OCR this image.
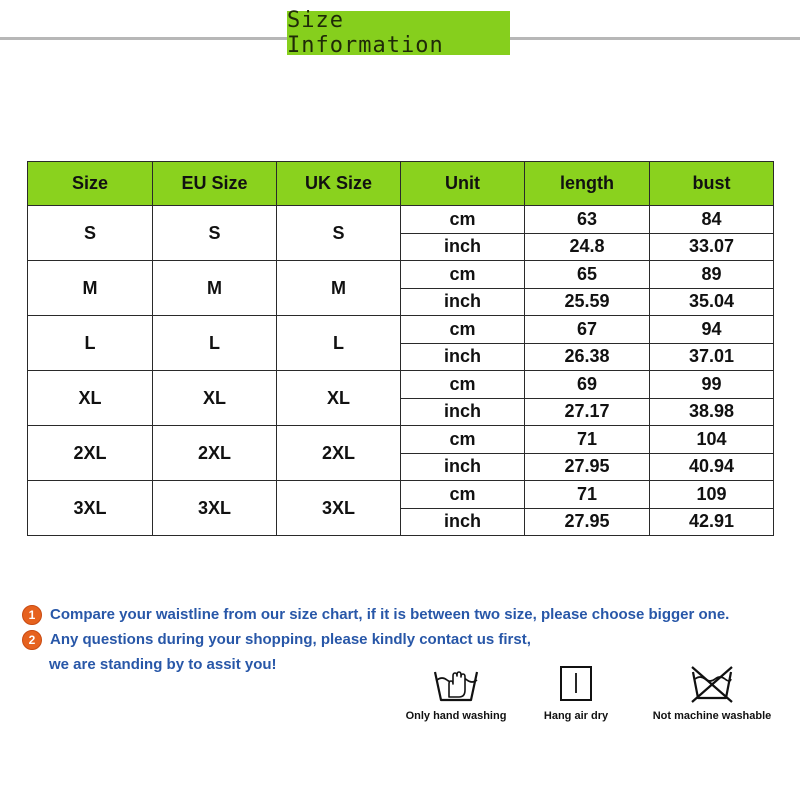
Size Information
Size	EU Size	UK Size	Unit	length	bust
S	S	S	cm	63	84
			inch	24.8	33.07
M	M	M	cm	65	89
			inch	25.59	35.04
L	L	L	cm	67	94
			inch	26.38	37.01
XL	XL	XL	cm	69	99
			inch	27.17	38.98
2XL	2XL	2XL	cm	71	104
			inch	27.95	40.94
3XL	3XL	3XL	cm	71	109
			inch	27.95	42.91
1 Compare your waistline from our size chart, if it is between two size, please choose bigger one.
2 Any questions during your shopping, please kindly contact us first,
we are standing by to assit you!
Only hand washing	Hang air dry	Not machine washable
